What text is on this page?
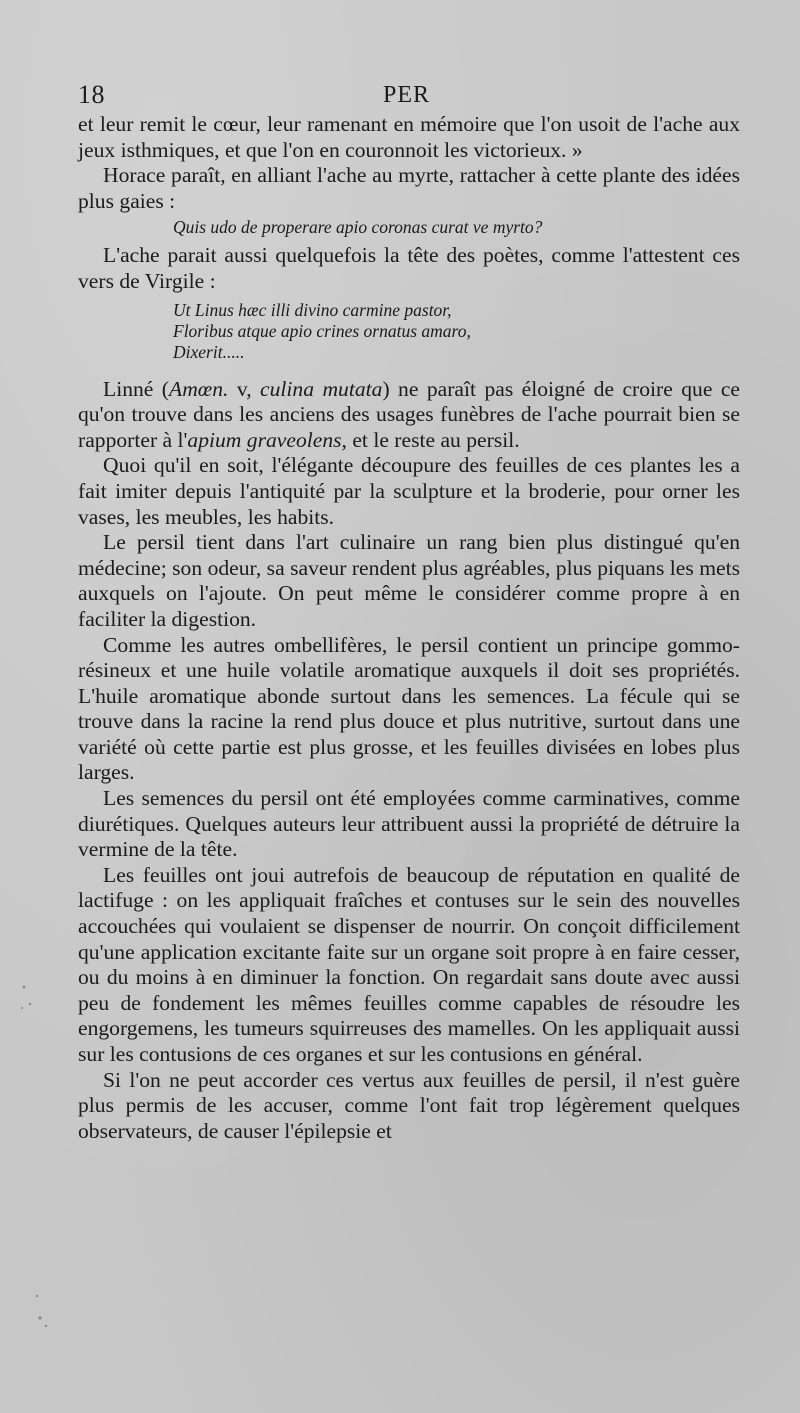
18	PER

et leur remit le cœur, leur ramenant en mémoire que l'on usoit de l'ache aux jeux isthmiques, et que l'on en couronnoit les victorieux. »

Horace paraît, en alliant l'ache au myrte, rattacher à cette plante des idées plus gaies :

Quis udo de properare apio coronas curat ve myrto?

L'ache parait aussi quelquefois la tête des poètes, comme l'attestent ces vers de Virgile :

Ut Linus hæc illi divino carmine pastor,
Floribus atque apio crines ornatus amaro,
Dixerit.....

Linné (Amœn. v, culina mutata) ne paraît pas éloigné de croire que ce qu'on trouve dans les anciens des usages funèbres de l'ache pourrait bien se rapporter à l'apium graveolens, et le reste au persil.

Quoi qu'il en soit, l'élégante découpure des feuilles de ces plantes les a fait imiter depuis l'antiquité par la sculpture et la broderie, pour orner les vases, les meubles, les habits.

Le persil tient dans l'art culinaire un rang bien plus distingué qu'en médecine; son odeur, sa saveur rendent plus agréables, plus piquans les mets auxquels on l'ajoute. On peut même le considérer comme propre à en faciliter la digestion.

Comme les autres ombellifères, le persil contient un principe gommo-résineux et une huile volatile aromatique auxquels il doit ses propriétés. L'huile aromatique abonde surtout dans les semences. La fécule qui se trouve dans la racine la rend plus douce et plus nutritive, surtout dans une variété où cette partie est plus grosse, et les feuilles divisées en lobes plus larges.

Les semences du persil ont été employées comme carminatives, comme diurétiques. Quelques auteurs leur attribuent aussi la propriété de détruire la vermine de la tête.

Les feuilles ont joui autrefois de beaucoup de réputation en qualité de lactifuge : on les appliquait fraîches et contuses sur le sein des nouvelles accouchées qui voulaient se dispenser de nourrir. On conçoit difficilement qu'une application excitante faite sur un organe soit propre à en faire cesser, ou du moins à en diminuer la fonction. On regardait sans doute avec aussi peu de fondement les mêmes feuilles comme capables de résoudre les engorgemens, les tumeurs squirreuses des mamelles. On les appliquait aussi sur les contusions de ces organes et sur les contusions en général.

Si l'on ne peut accorder ces vertus aux feuilles de persil, il n'est guère plus permis de les accuser, comme l'ont fait trop légèrement quelques observateurs, de causer l'épilepsie et
